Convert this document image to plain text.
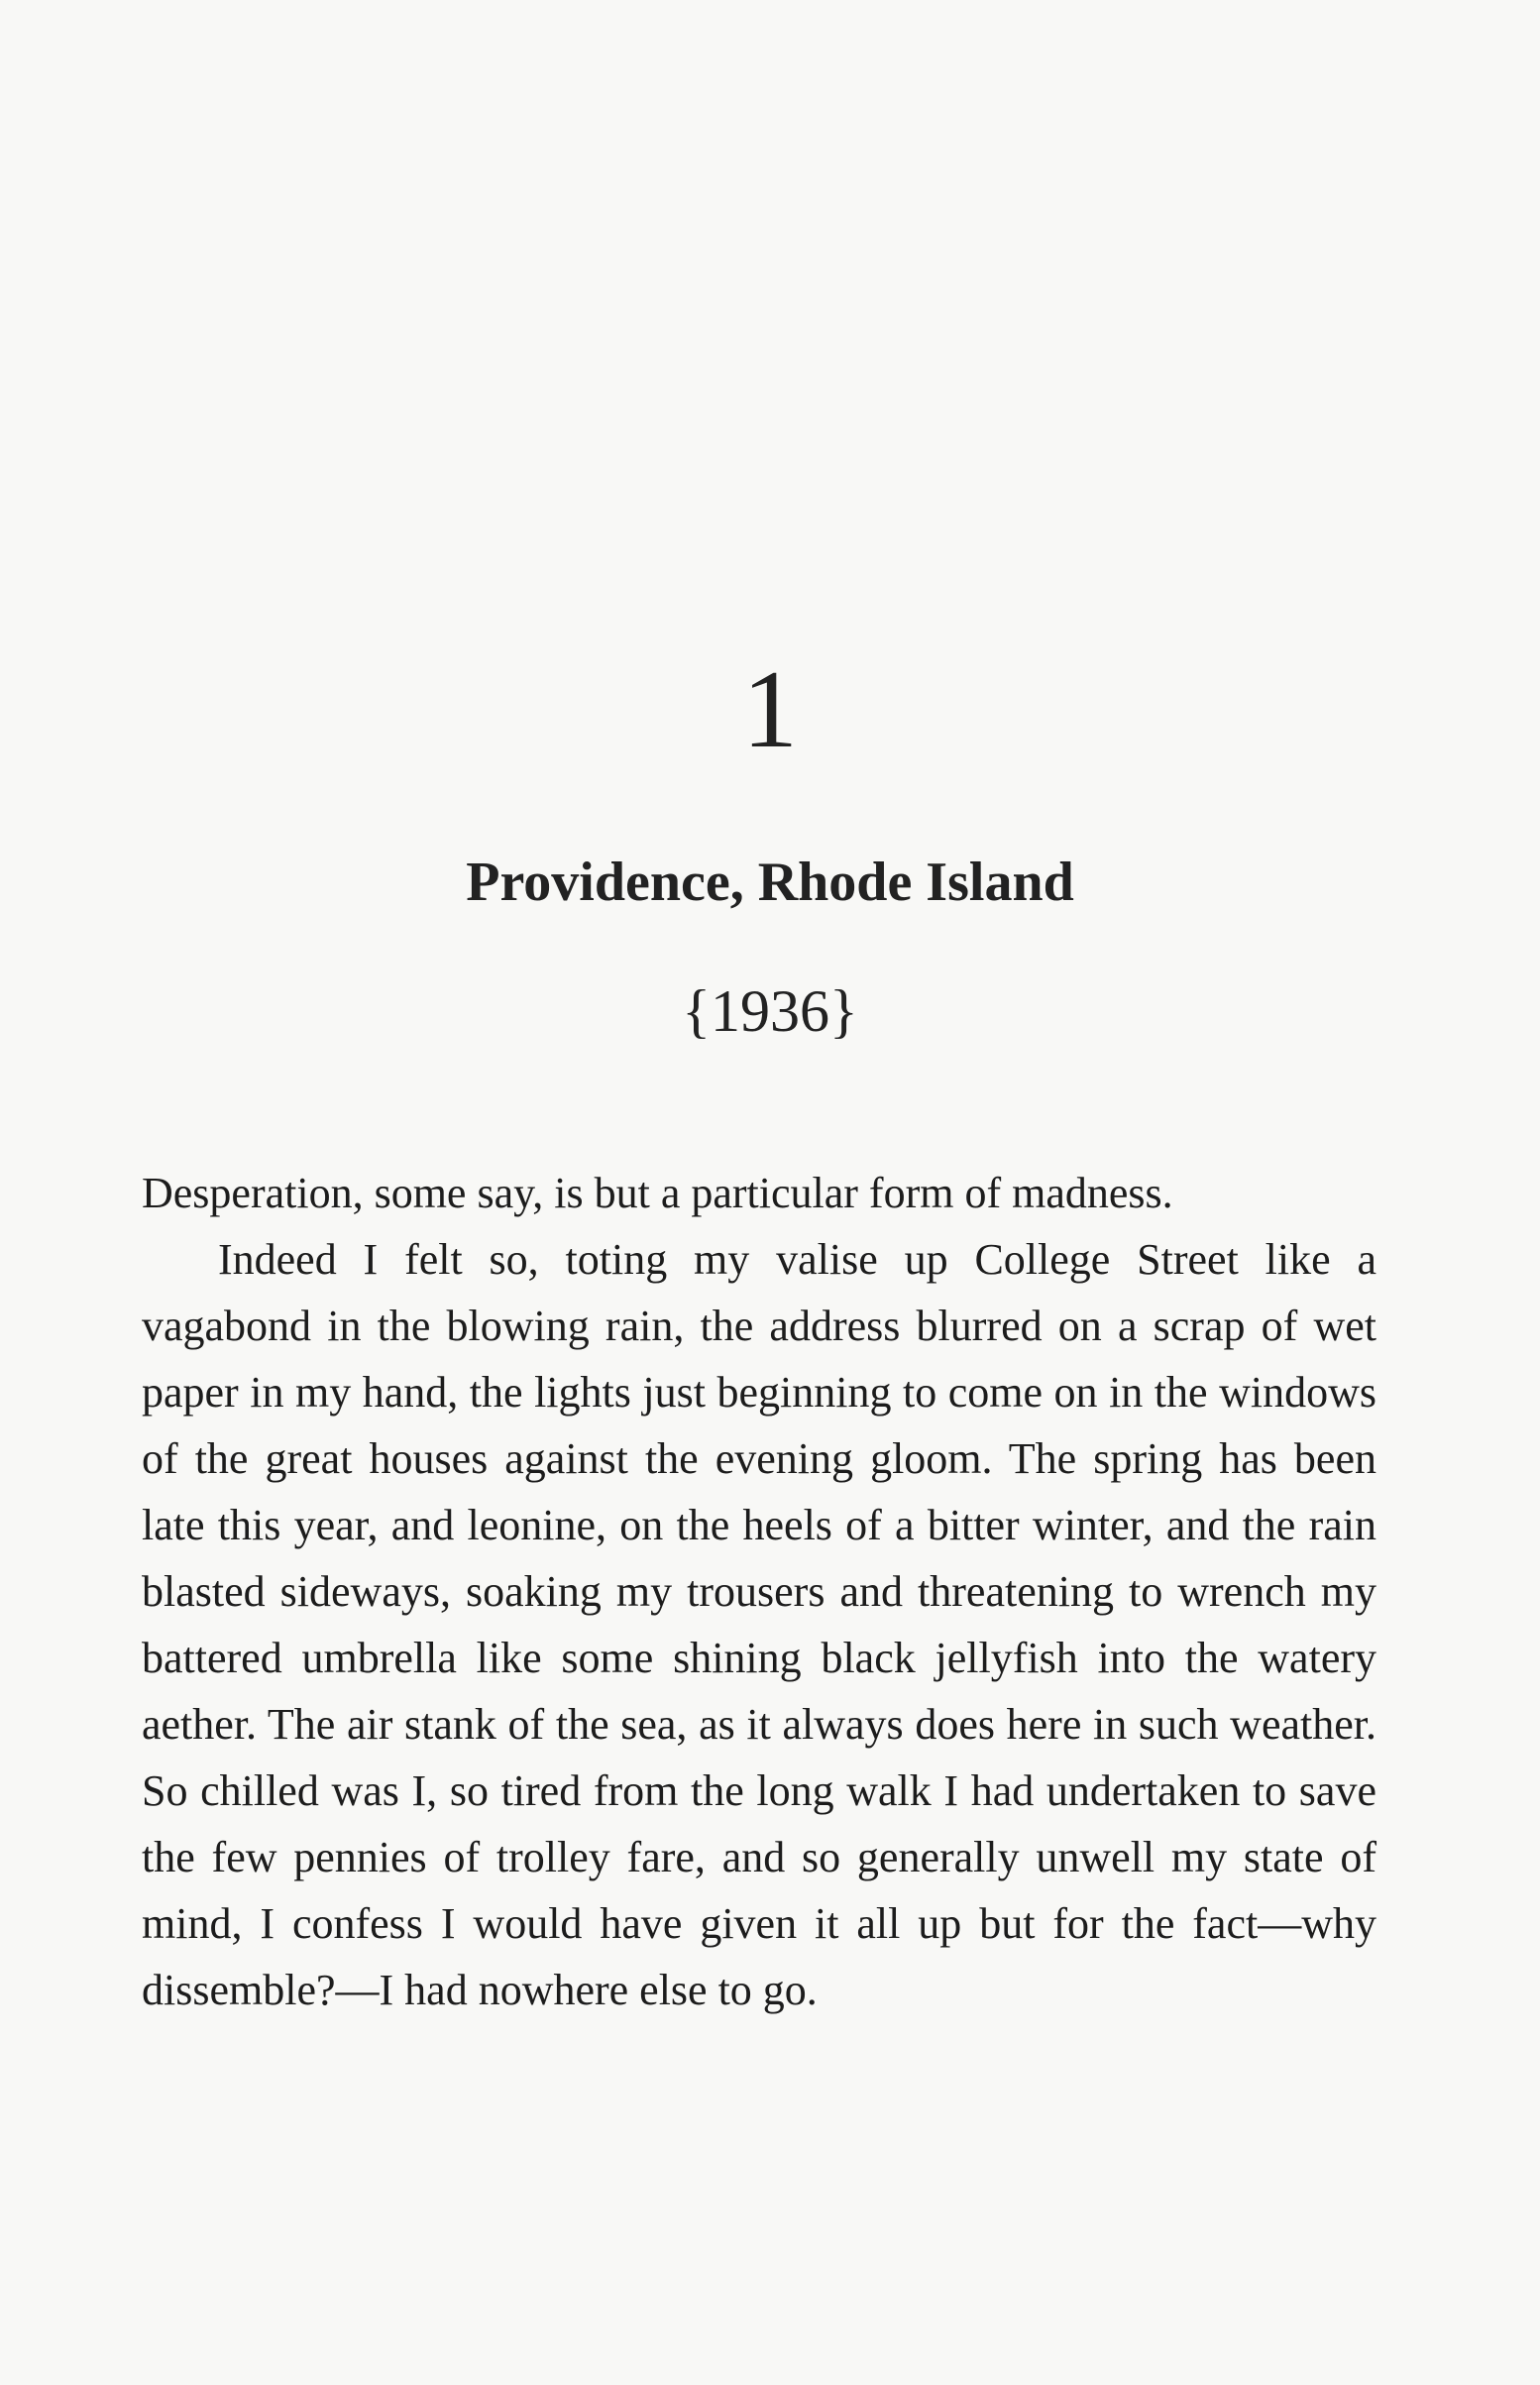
1
Providence, Rhode Island
{1936}

Desperation, some say, is but a particular form of madness.

Indeed I felt so, toting my valise up College Street like a vagabond in the blowing rain, the address blurred on a scrap of wet paper in my hand, the lights just beginning to come on in the windows of the great houses against the evening gloom. The spring has been late this year, and leonine, on the heels of a bitter winter, and the rain blasted sideways, soaking my trousers and threatening to wrench my battered umbrella like some shining black jellyfish into the watery aether. The air stank of the sea, as it always does here in such weather. So chilled was I, so tired from the long walk I had undertaken to save the few pennies of trolley fare, and so generally unwell my state of mind, I confess I would have given it all up but for the fact—why dissemble?—I had nowhere else to go.
